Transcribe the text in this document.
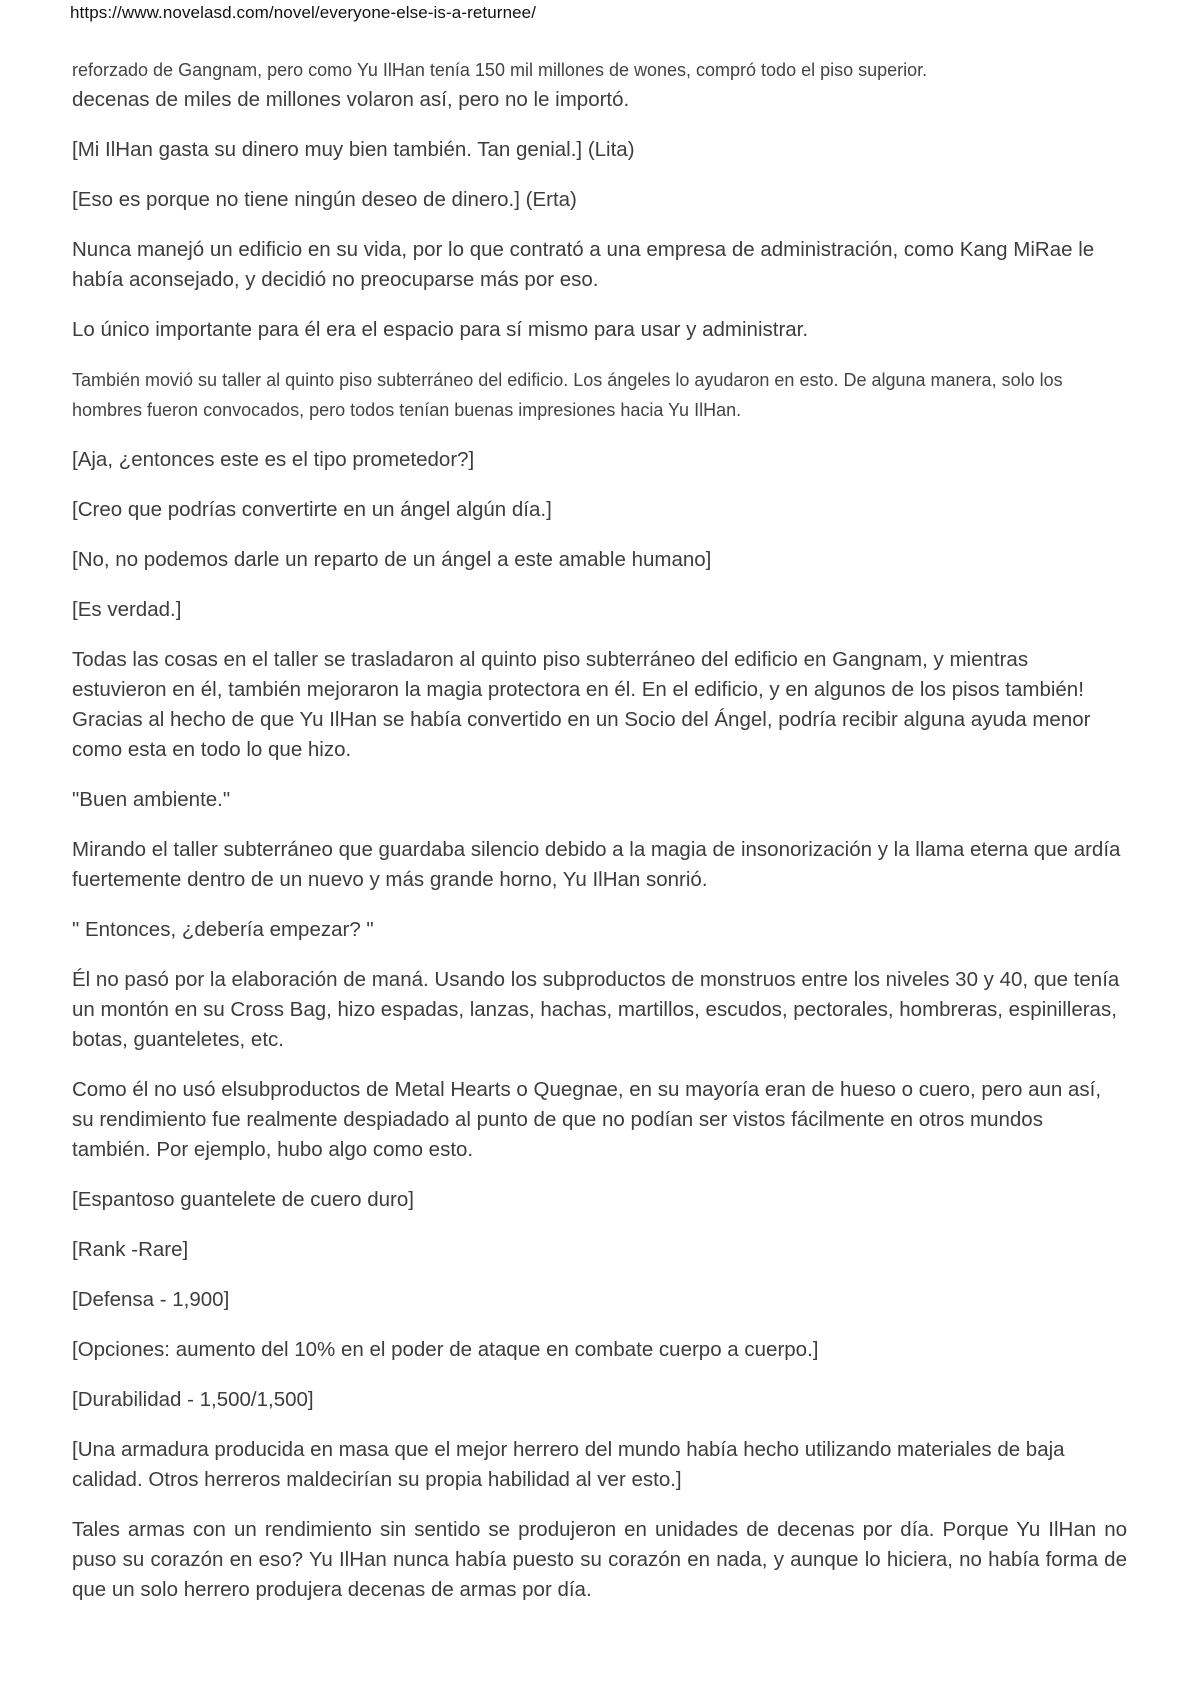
https://www.novelasd.com/novel/everyone-else-is-a-returnee/

reforzado de Gangnam, pero como Yu IlHan tenía 150 mil millones de wones, compró todo el piso superior.

decenas de miles de millones volaron así, pero no le importó.

[Mi IlHan gasta su dinero muy bien también. Tan genial.] (Lita)

[Eso es porque no tiene ningún deseo de dinero.] (Erta)

Nunca manejó un edificio en su vida, por lo que contrató a una empresa de administración, como Kang MiRae le había aconsejado, y decidió no preocuparse más por eso.

Lo único importante para él era el espacio para sí mismo para usar y administrar.

También movió su taller al quinto piso subterráneo del edificio. Los ángeles lo ayudaron en esto. De alguna manera, solo los hombres fueron convocados, pero todos tenían buenas impresiones hacia Yu IlHan.

[Aja, ¿entonces este es el tipo prometedor?]

[Creo que podrías convertirte en un ángel algún día.]

[No, no podemos darle un reparto de un ángel a este amable humano]

[Es verdad.]

Todas las cosas en el taller se trasladaron al quinto piso subterráneo del edificio en Gangnam, y mientras estuvieron en él, también mejoraron la magia protectora en él. En el edificio, y en algunos de los pisos también! Gracias al hecho de que Yu IlHan se había convertido en un Socio del Ángel, podría recibir alguna ayuda menor como esta en todo lo que hizo.

"Buen ambiente."

Mirando el taller subterráneo que guardaba silencio debido a la magia de insonorización y la llama eterna que ardía fuertemente dentro de un nuevo y más grande horno, Yu IlHan sonrió.

" Entonces, ¿debería empezar? "

Él no pasó por la elaboración de maná. Usando los subproductos de monstruos entre los niveles 30 y 40, que tenía un montón en su Cross Bag, hizo espadas, lanzas, hachas, martillos, escudos, pectorales, hombreras, espinilleras, botas, guanteletes, etc.

Como él no usó elsubproductos de Metal Hearts o Quegnae, en su mayoría eran de hueso o cuero, pero aun así, su rendimiento fue realmente despiadado al punto de que no podían ser vistos fácilmente en otros mundos también. Por ejemplo, hubo algo como esto.

[Espantoso guantelete de cuero duro]

[Rank -Rare]

[Defensa - 1,900]

[Opciones: aumento del 10% en el poder de ataque en combate cuerpo a cuerpo.]

[Durabilidad - 1,500/1,500]

[Una armadura producida en masa que el mejor herrero del mundo había hecho utilizando materiales de baja calidad. Otros herreros maldecirían su propia habilidad al ver esto.]

Tales armas con un rendimiento sin sentido se produjeron en unidades de decenas por día. Porque Yu IlHan no puso su corazón en eso? Yu IlHan nunca había puesto su corazón en nada, y aunque lo hiciera, no había forma de que un solo herrero produjera decenas de armas por día.
